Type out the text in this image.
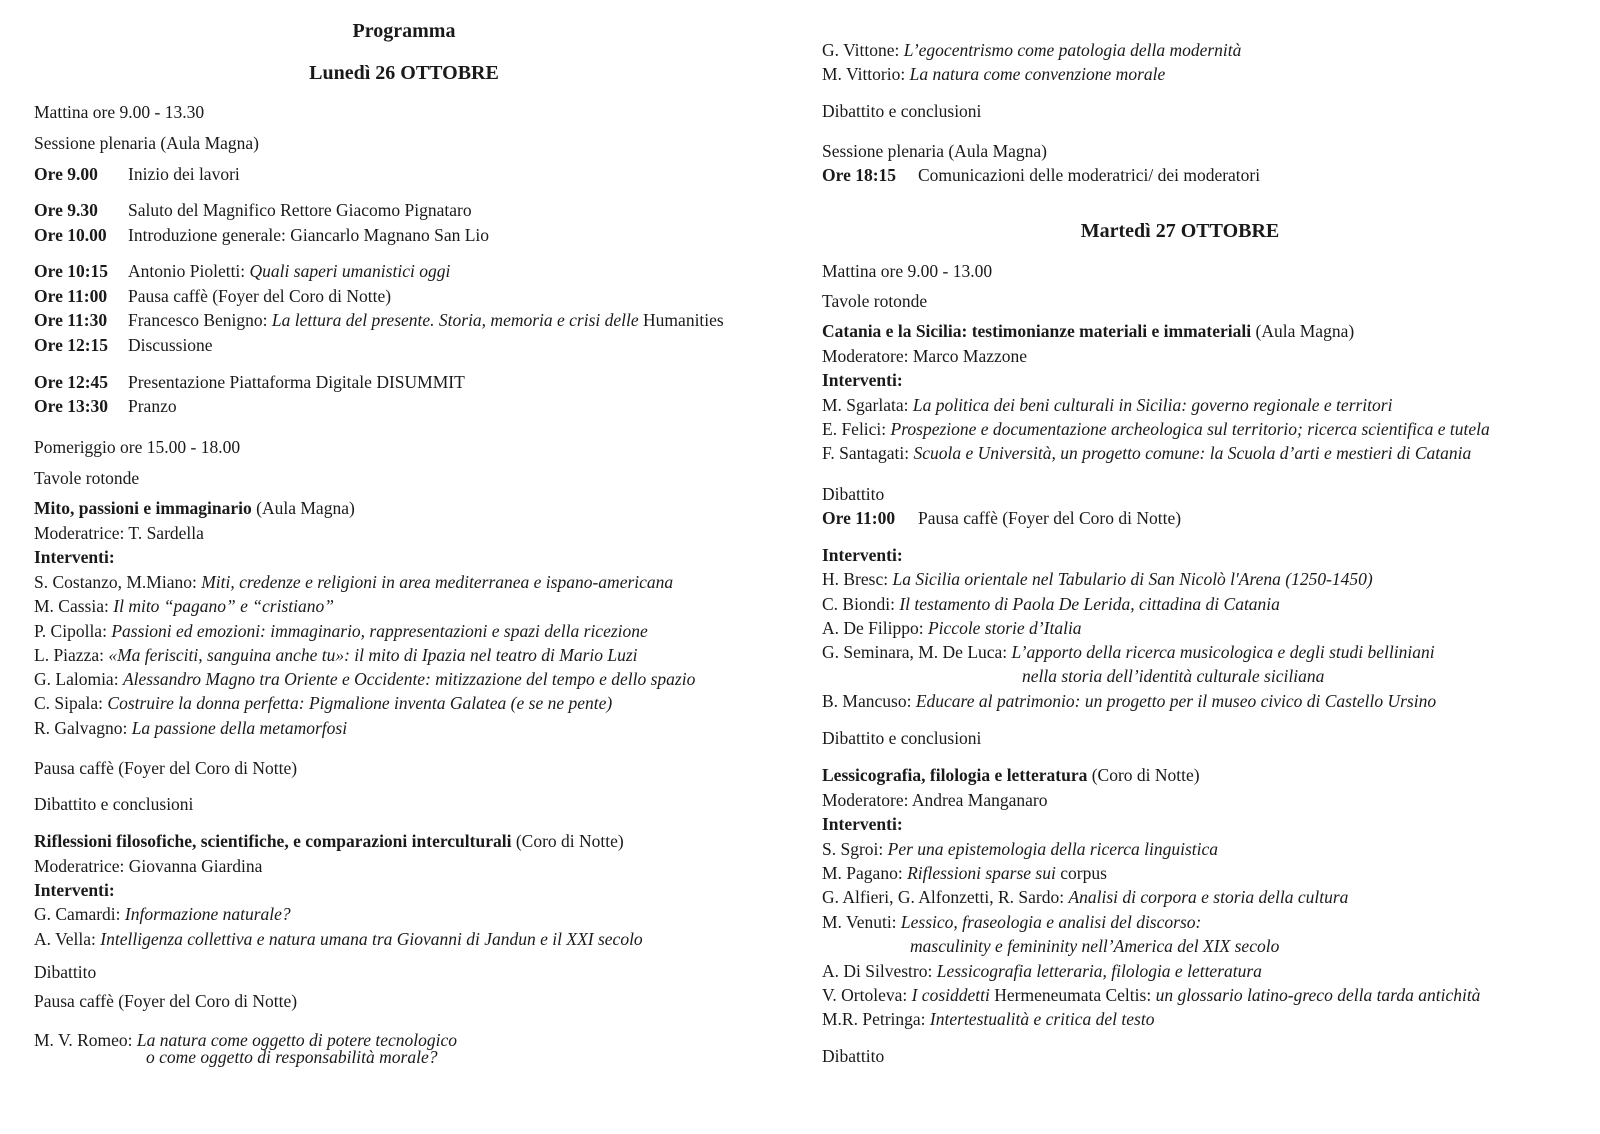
Programma
Lunedì 26 OTTOBRE
Mattina ore 9.00 - 13.30
Sessione plenaria (Aula Magna)
Ore 9.00 Inizio dei lavori
Ore 9.30 Saluto del Magnifico Rettore Giacomo Pignataro
Ore 10.00 Introduzione generale: Giancarlo Magnano San Lio
Ore 10:15 Antonio Pioletti: Quali saperi umanistici oggi
Ore 11:00 Pausa caffè (Foyer del Coro di Notte)
Ore 11:30 Francesco Benigno: La lettura del presente. Storia, memoria e crisi delle Humanities
Ore 12:15 Discussione
Ore 12:45 Presentazione Piattaforma Digitale DISUMMIT
Ore 13:30 Pranzo
Pomeriggio ore 15.00 - 18.00
Tavole rotonde
Mito, passioni e immaginario (Aula Magna)
Moderatrice: T. Sardella
Interventi:
S. Costanzo, M.Miano: Miti, credenze e religioni in area mediterranea e ispano-americana
M. Cassia: Il mito “pagano” e “cristiano”
P. Cipolla: Passioni ed emozioni: immaginario, rappresentazioni e spazi della ricezione
L. Piazza: «Ma ferisciti, sanguina anche tu»: il mito di Ipazia nel teatro di Mario Luzi
G. Lalomia: Alessandro Magno tra Oriente e Occidente: mitizzazione del tempo e dello spazio
C. Sipala: Costruire la donna perfetta: Pigmalione inventa Galatea (e se ne pente)
R. Galvagno: La passione della metamorfosi
Pausa caffè (Foyer del Coro di Notte)
Dibattito e conclusioni
Riflessioni filosofiche, scientifiche, e comparazioni interculturali (Coro di Notte)
Moderatrice: Giovanna Giardina
Interventi:
G. Camardi: Informazione naturale?
A. Vella: Intelligenza collettiva e natura umana tra Giovanni di Jandun e il XXI secolo
Dibattito
Pausa caffè (Foyer del Coro di Notte)
M. V. Romeo: La natura come oggetto di potere tecnologico
o come oggetto di responsabilità morale?
G. Vittone: L’egocentrismo come patologia della modernità
M. Vittorio: La natura come convenzione morale
Dibattito e conclusioni
Sessione plenaria (Aula Magna)
Ore 18:15 Comunicazioni delle moderatrici/ dei moderatori
Martedì 27 OTTOBRE
Mattina ore 9.00 - 13.00
Tavole rotonde
Catania e la Sicilia: testimonianze materiali e immateriali (Aula Magna)
Moderatore: Marco Mazzone
Interventi:
M. Sgarlata: La politica dei beni culturali in Sicilia: governo regionale e territori
E. Felici: Prospezione e documentazione archeologica sul territorio; ricerca scientifica e tutela
F. Santagati: Scuola e Università, un progetto comune: la Scuola d’arti e mestieri di Catania
Dibattito
Ore 11:00 Pausa caffè (Foyer del Coro di Notte)
Interventi:
H. Bresc: La Sicilia orientale nel Tabulario di San Nicolò l'Arena (1250-1450)
C. Biondi: Il testamento di Paola De Lerida, cittadina di Catania
A. De Filippo: Piccole storie d’Italia
G. Seminara, M. De Luca: L’apporto della ricerca musicologica e degli studi belliniani
nella storia dell’identità culturale siciliana
B. Mancuso: Educare al patrimonio: un progetto per il museo civico di Castello Ursino
Dibattito e conclusioni
Lessicografia, filologia e letteratura (Coro di Notte)
Moderatore: Andrea Manganaro
Interventi:
S. Sgroi: Per una epistemologia della ricerca linguistica
M. Pagano: Riflessioni sparse sui corpus
G. Alfieri, G. Alfonzetti, R. Sardo: Analisi di corpora e storia della cultura
M. Venuti: Lessico, fraseologia e analisi del discorso:
masculinity e femininity nell’America del XIX secolo
A. Di Silvestro: Lessicografia letteraria, filologia e letteratura
V. Ortoleva: I cosiddetti Hermeneumata Celtis: un glossario latino-greco della tarda antichità
M.R. Petringa: Intertestualità e critica del testo
Dibattito
